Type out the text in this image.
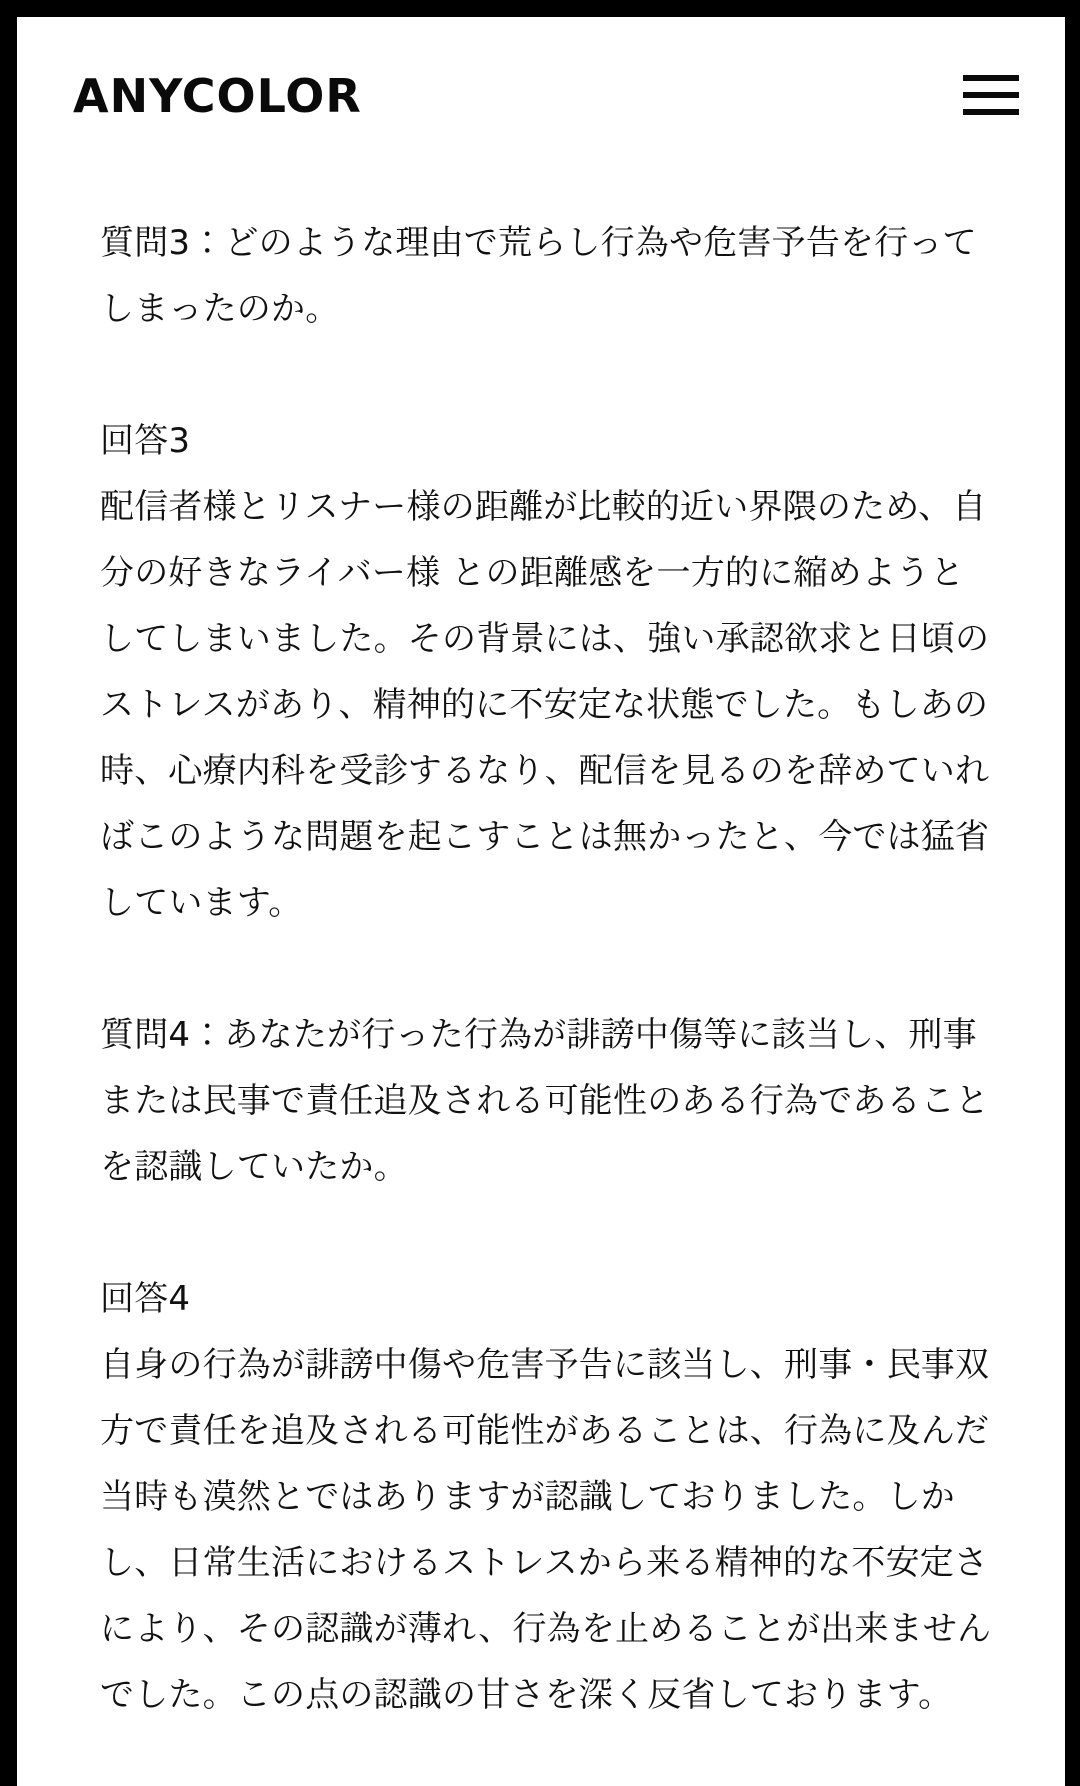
ANYCOLOR

質問3：どのような理由で荒らし行為や危害予告を行って
しまったのか。

回答3
配信者様とリスナー様の距離が比較的近い界隈のため、自
分の好きなライバー様 との距離感を一方的に縮めようと
してしまいました。その背景には、強い承認欲求と日頃の
ストレスがあり、精神的に不安定な状態でした。もしあの
時、心療内科を受診するなり、配信を見るのを辞めていれ
ばこのような問題を起こすことは無かったと、今では猛省
しています。

質問4：あなたが行った行為が誹謗中傷等に該当し、刑事
または民事で責任追及される可能性のある行為であること
を認識していたか。

回答4
自身の行為が誹謗中傷や危害予告に該当し、刑事・民事双
方で責任を追及される可能性があることは、行為に及んだ
当時も漠然とではありますが認識しておりました。しか
し、日常生活におけるストレスから来る精神的な不安定さ
により、その認識が薄れ、行為を止めることが出来ません
でした。この点の認識の甘さを深く反省しております。
